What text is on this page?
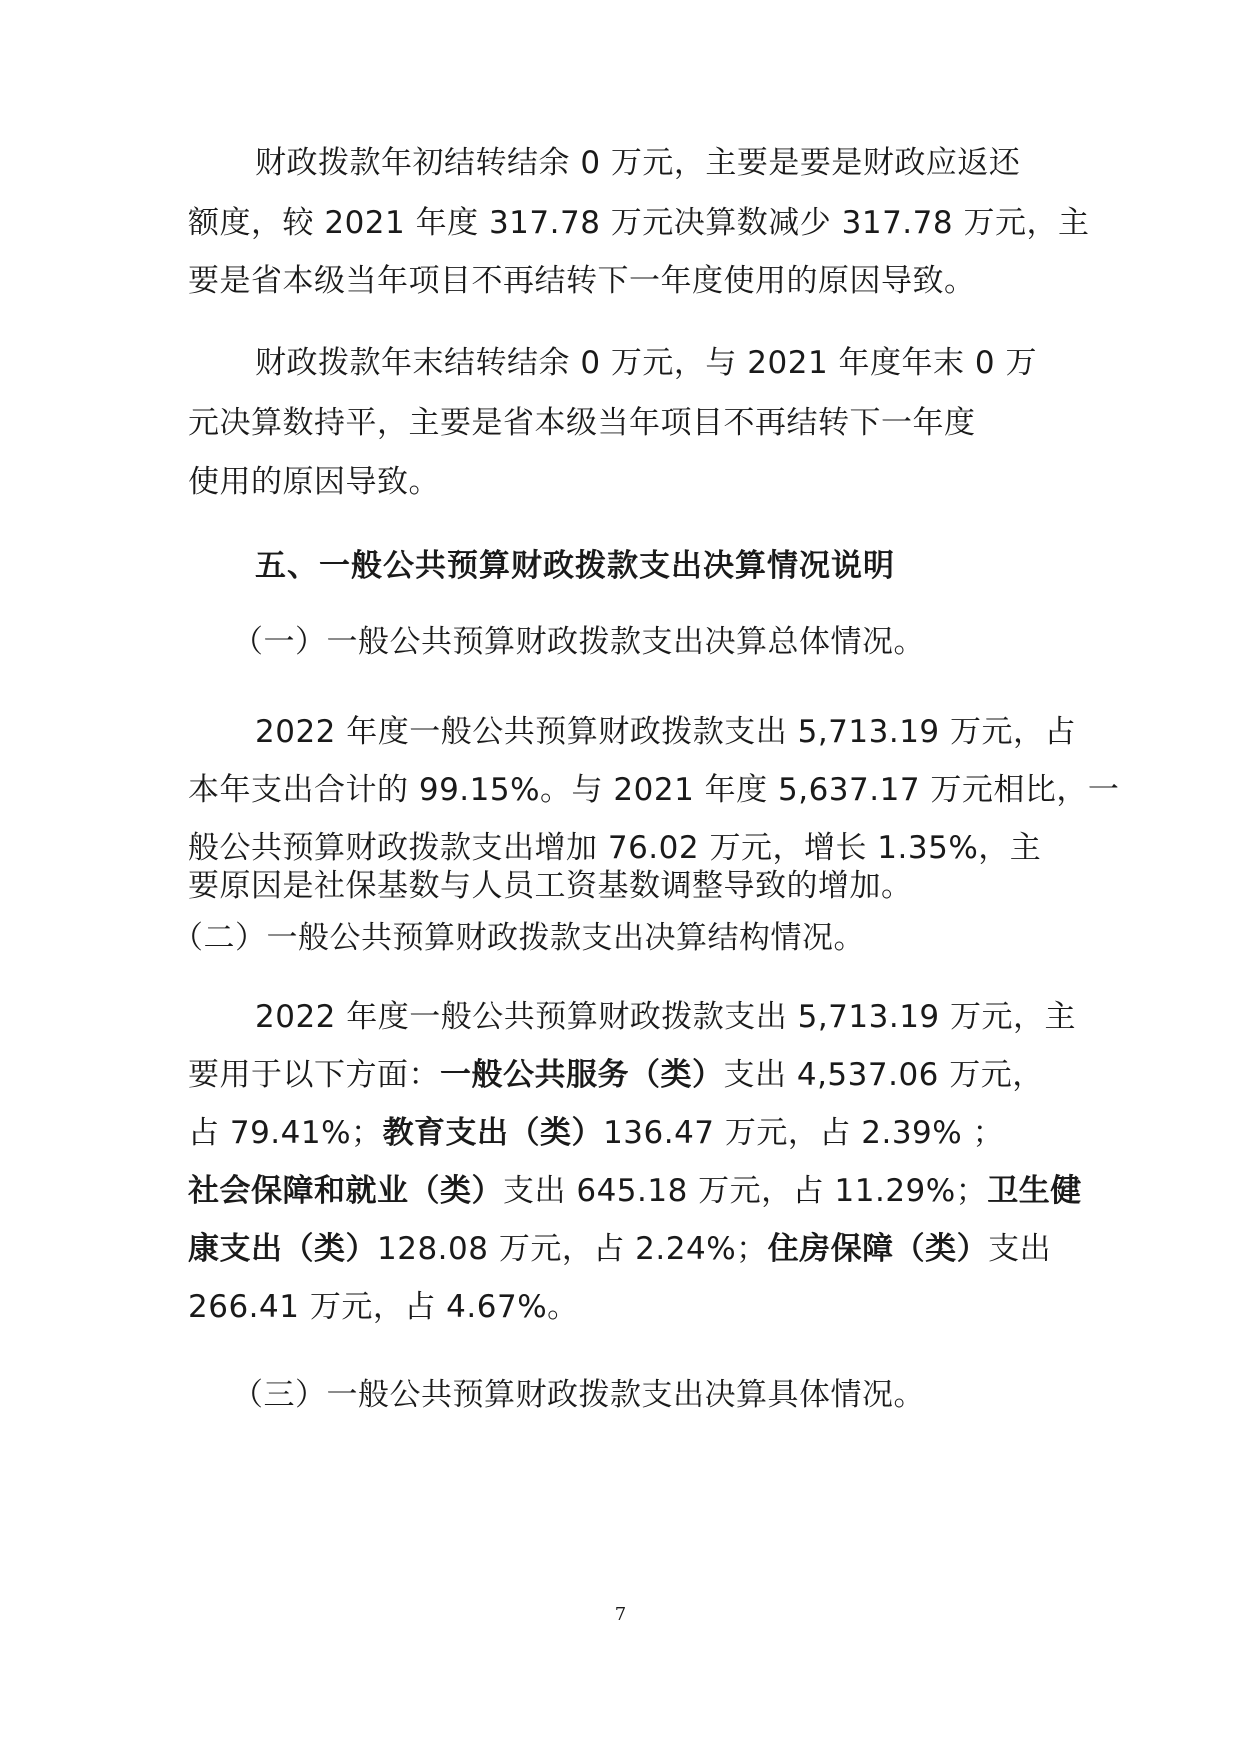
财政拨款年初结转结余 0 万元，主要是要是财政应返还
额度，较 2021 年度 317.78 万元决算数减少 317.78 万元，主
要是省本级当年项目不再结转下一年度使用的原因导致。
财政拨款年末结转结余 0 万元，与 2021 年度年末 0 万
元决算数持平，主要是省本级当年项目不再结转下一年度
使用的原因导致。
五、一般公共预算财政拨款支出决算情况说明
（一）一般公共预算财政拨款支出决算总体情况。
2022 年度一般公共预算财政拨款支出 5,713.19 万元，占
本年支出合计的 99.15%。与 2021 年度 5,637.17 万元相比，一
般公共预算财政拨款支出增加 76.02 万元，增长 1.35%，主
要原因是社保基数与人员工资基数调整导致的增加。
（二）一般公共预算财政拨款支出决算结构情况。
2022 年度一般公共预算财政拨款支出 5,713.19 万元，主
要用于以下方面：一般公共服务（类）支出 4,537.06 万元，
占 79.41%；教育支出（类）136.47 万元，占 2.39% ；
社会保障和就业（类）支出 645.18 万元，占 11.29%；卫生健
康支出（类）128.08 万元，占 2.24%；住房保障（类）支出
266.41 万元，占 4.67%。
（三）一般公共预算财政拨款支出决算具体情况。
7
